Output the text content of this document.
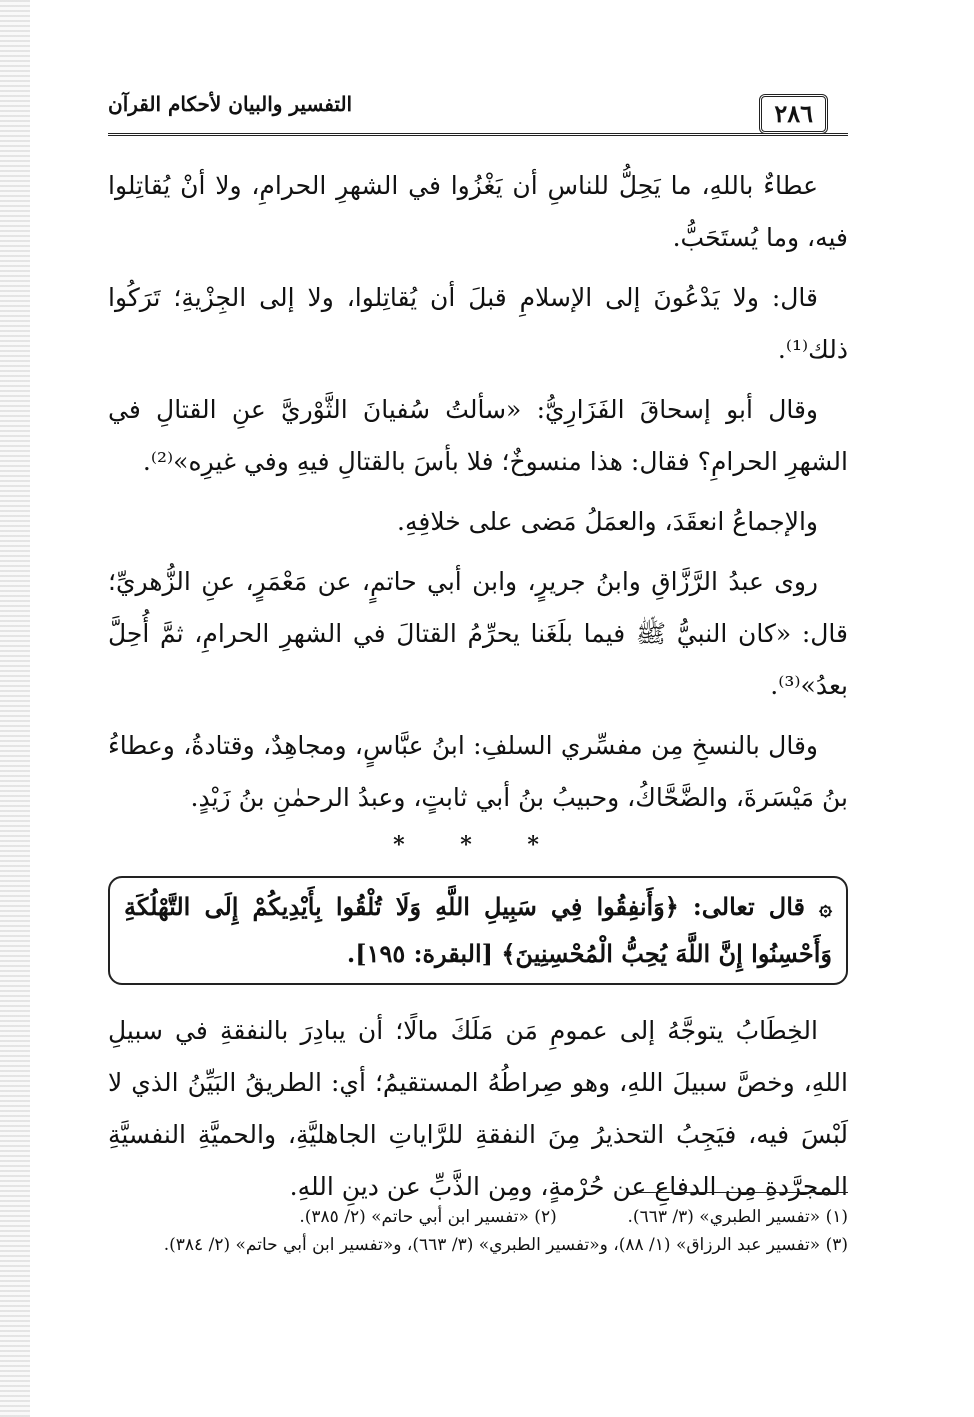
التفسير والبيان لأحكام القرآن	٢٨٦

عطاءٌ باللهِ، ما يَحِلُّ للناسِ أن يَغْزُوا في الشهرِ الحرامِ، ولا أنْ يُقاتِلوا فيه، وما يُستَحَبُّ.

قال: ولا يَدْعُونَ إلى الإسلامِ قبلَ أن يُقاتِلوا، ولا إلى الجِزْيةِ؛ تَرَكُوا ذلك⁽¹⁾.

وقال أبو إسحاقَ الفَزَارِيُّ: «سألتُ سُفيانَ الثَّوْريَّ عنِ القتالِ في الشهرِ الحرامِ؟ فقال: هذا منسوخٌ؛ فلا بأسَ بالقتالِ فيهِ وفي غيرِه»⁽²⁾.

والإجماعُ انعقَدَ، والعمَلُ مَضى على خلافِهِ.

روى عبدُ الرَّزَّاقِ وابنُ جريرٍ، وابن أبي حاتمٍ، عن مَعْمَرٍ، عنِ الزُّهريِّ؛ قال: «كان النبيُّ ﷺ فيما بلَغَنا يحرِّمُ القتالَ في الشهرِ الحرامِ، ثمَّ أُحِلَّ بعدُ»⁽³⁾.

وقال بالنسخِ مِن مفسِّري السلفِ: ابنُ عبَّاسٍ، ومجاهِدٌ، وقتادةُ، وعطاءُ بنُ مَيْسَرةَ، والضَّحَّاكُ، وحبيبُ بنُ أبي ثابتٍ، وعبدُ الرحمٰنِ بنُ زَيْدٍ.

* * *
۞ قال تعالى: ﴿وَأَنفِقُوا فِي سَبِيلِ اللَّهِ وَلَا تُلْقُوا بِأَيْدِيكُمْ إِلَى التَّهْلُكَةِ وَأَحْسِنُوا إِنَّ اللَّهَ يُحِبُّ الْمُحْسِنِينَ﴾ [البقرة: ١٩٥].

الخِطَابُ يتوجَّهُ إلى عمومِ مَن مَلَكَ مالًا؛ أن يبادِرَ بالنفقةِ في سبيلِ اللهِ، وخصَّ سبيلَ اللهِ، وهو صِراطُهُ المستقيمُ؛ أي: الطريقُ البَيِّنُ الذي لا لَبْسَ فيه، فيَجِبُ التحذيرُ مِنَ النفقةِ للرَّاياتِ الجاهليَّةِ، والحميَّةِ النفسيَّةِ المجرَّدةِ مِن الدفاعِ عن حُرْمةٍ، ومِن الذَّبِّ عن دينِ اللهِ.

(١) «تفسير الطبري» (٣/ ٦٦٣).  (٢) «تفسير ابن أبي حاتم» (٢/ ٣٨٥).

(٣) «تفسير عبد الرزاق» (١/ ٨٨)، و«تفسير الطبري» (٣/ ٦٦٣)، و«تفسير ابن أبي حاتم» (٢/ ٣٨٤).
